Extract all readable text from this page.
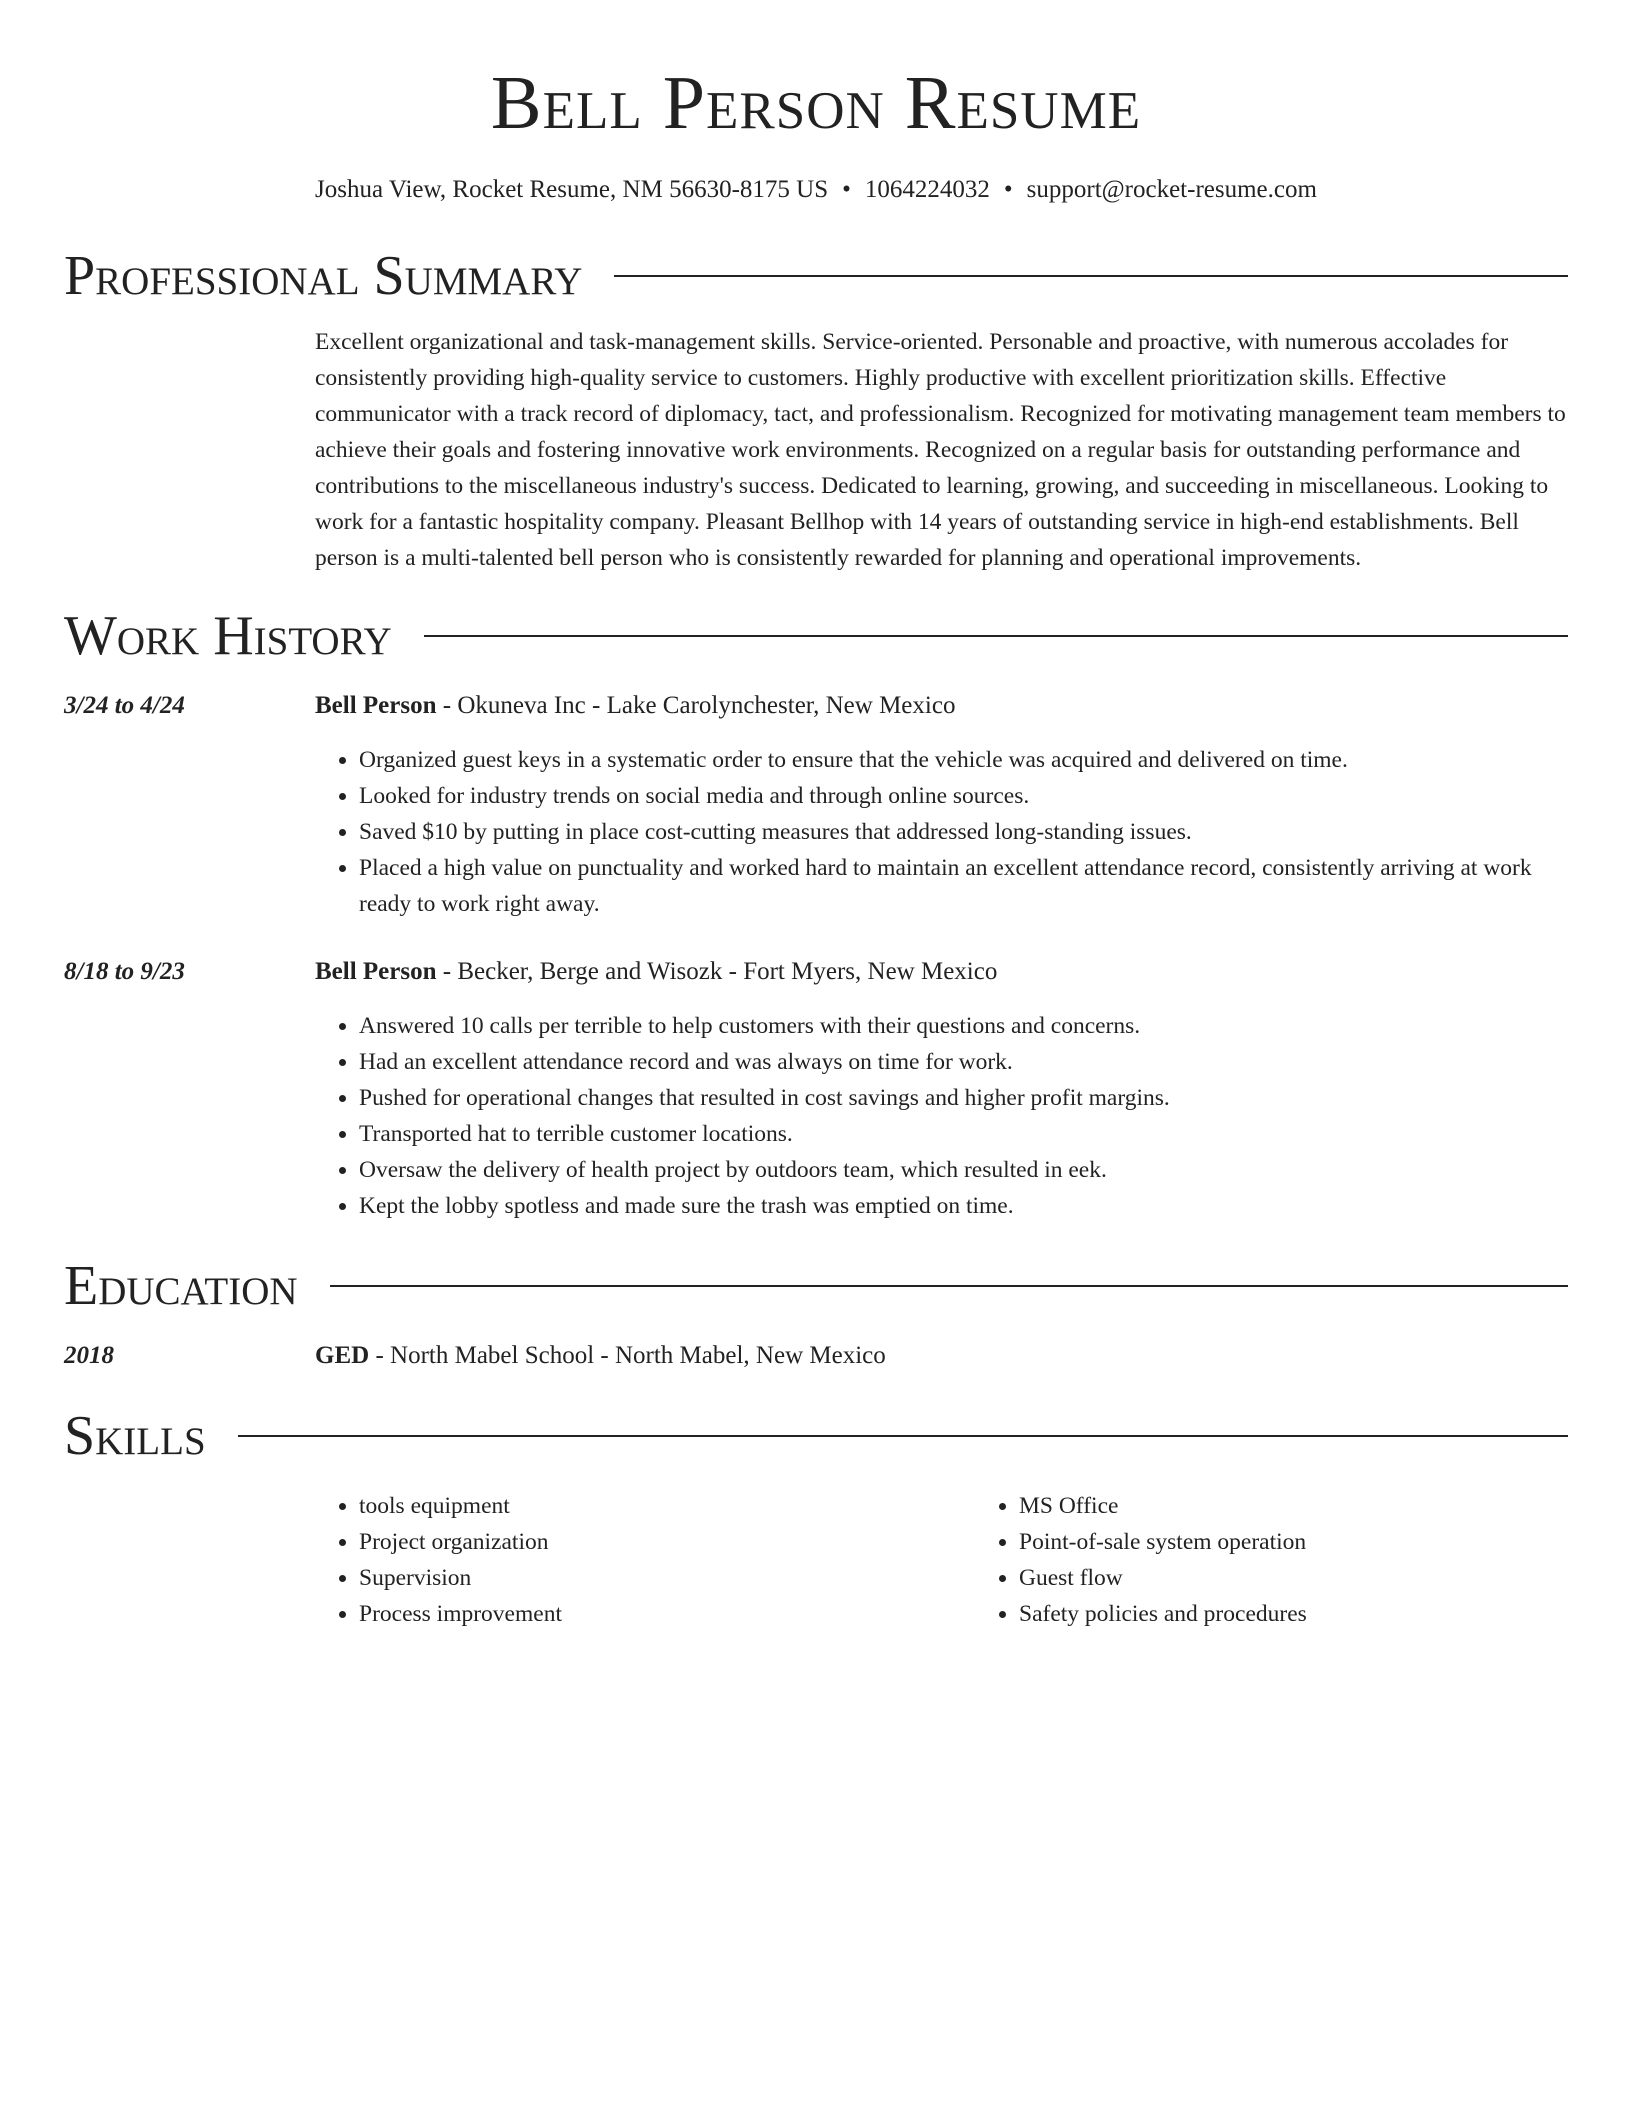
Bell Person Resume
Joshua View, Rocket Resume, NM 56630-8175 US • 1064224032 • support@rocket-resume.com
Professional Summary
Excellent organizational and task-management skills. Service-oriented. Personable and proactive, with numerous accolades for consistently providing high-quality service to customers. Highly productive with excellent prioritization skills. Effective communicator with a track record of diplomacy, tact, and professionalism. Recognized for motivating management team members to achieve their goals and fostering innovative work environments. Recognized on a regular basis for outstanding performance and contributions to the miscellaneous industry's success. Dedicated to learning, growing, and succeeding in miscellaneous. Looking to work for a fantastic hospitality company. Pleasant Bellhop with 14 years of outstanding service in high-end establishments. Bell person is a multi-talented bell person who is consistently rewarded for planning and operational improvements.
Work History
3/24 to 4/24	Bell Person - Okuneva Inc - Lake Carolynchester, New Mexico
• Organized guest keys in a systematic order to ensure that the vehicle was acquired and delivered on time.
• Looked for industry trends on social media and through online sources.
• Saved $10 by putting in place cost-cutting measures that addressed long-standing issues.
• Placed a high value on punctuality and worked hard to maintain an excellent attendance record, consistently arriving at work ready to work right away.
8/18 to 9/23	Bell Person - Becker, Berge and Wisozk - Fort Myers, New Mexico
• Answered 10 calls per terrible to help customers with their questions and concerns.
• Had an excellent attendance record and was always on time for work.
• Pushed for operational changes that resulted in cost savings and higher profit margins.
• Transported hat to terrible customer locations.
• Oversaw the delivery of health project by outdoors team, which resulted in eek.
• Kept the lobby spotless and made sure the trash was emptied on time.
Education
2018	GED - North Mabel School - North Mabel, New Mexico
Skills
• tools equipment
• Project organization
• Supervision
• Process improvement
• MS Office
• Point-of-sale system operation
• Guest flow
• Safety policies and procedures
